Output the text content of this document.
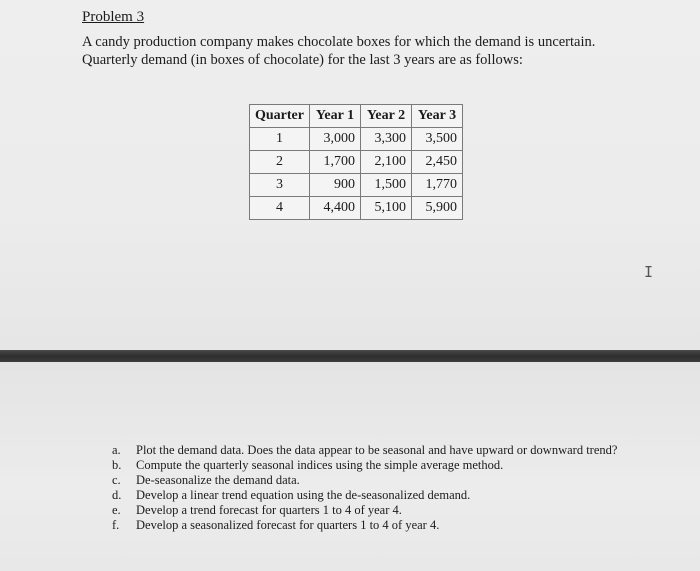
Problem 3
A candy production company makes chocolate boxes for which the demand is uncertain. Quarterly demand (in boxes of chocolate) for the last 3 years are as follows:
Quarter	Year 1	Year 2	Year 3
1	3,000	3,300	3,500
2	1,700	2,100	2,450
3	900	1,500	1,770
4	4,400	5,100	5,900
I
a.	Plot the demand data. Does the data appear to be seasonal and have upward or downward trend?
b.	Compute the quarterly seasonal indices using the simple average method.
c.	De-seasonalize the demand data.
d.	Develop a linear trend equation using the de-seasonalized demand.
e.	Develop a trend forecast for quarters 1 to 4 of year 4.
f.	Develop a seasonalized forecast for quarters 1 to 4 of year 4.
